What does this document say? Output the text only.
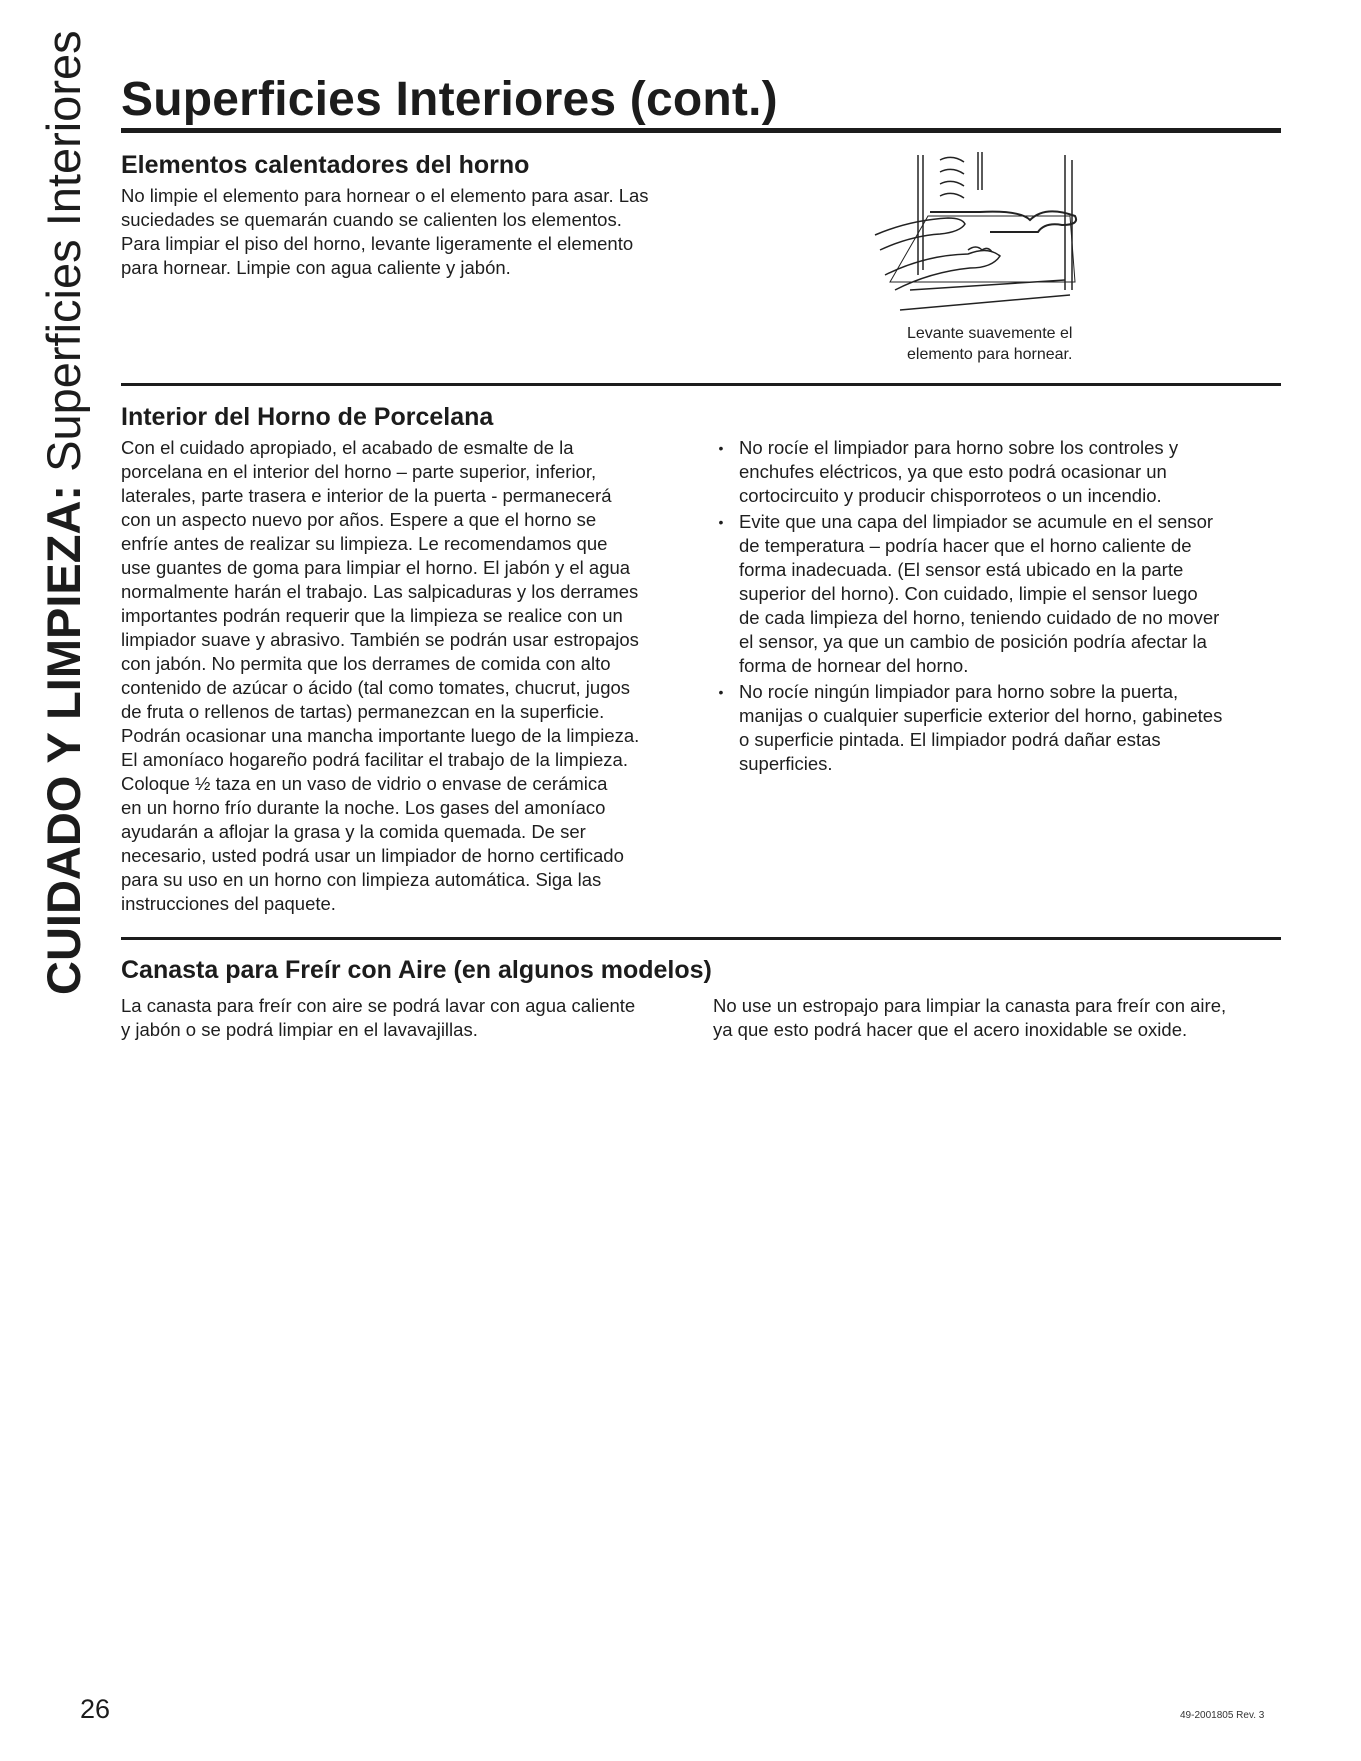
CUIDADO Y LIMPIEZA: Superficies Interiores Superficies Interiores (cont.)
Elementos calentadores del horno
No limpie el elemento para hornear o el elemento para asar. Las
suciedades se quemarán cuando se calienten los elementos.
Para limpiar el piso del horno, levante ligeramente el elemento
para hornear. Limpie con agua caliente y jabón.
Levante suavemente el
elemento para hornear.
Interior del Horno de Porcelana
Con el cuidado apropiado, el acabado de esmalte de la
porcelana en el interior del horno – parte superior, inferior,
laterales, parte trasera e interior de la puerta - permanecerá
con un aspecto nuevo por años. Espere a que el horno se
enfríe antes de realizar su limpieza. Le recomendamos que
use guantes de goma para limpiar el horno. El jabón y el agua
normalmente harán el trabajo. Las salpicaduras y los derrames
importantes podrán requerir que la limpieza se realice con un
limpiador suave y abrasivo. También se podrán usar estropajos
con jabón. No permita que los derrames de comida con alto
contenido de azúcar o ácido (tal como tomates, chucrut, jugos
de fruta o rellenos de tartas) permanezcan en la superficie.
Podrán ocasionar una mancha importante luego de la limpieza.
El amoníaco hogareño podrá facilitar el trabajo de la limpieza.
Coloque ½ taza en un vaso de vidrio o envase de cerámica
en un horno frío durante la noche. Los gases del amoníaco
ayudarán a aflojar la grasa y la comida quemada. De ser
necesario, usted podrá usar un limpiador de horno certificado
para su uso en un horno con limpieza automática. Siga las
instrucciones del paquete.
• No rocíe el limpiador para horno sobre los controles y
enchufes eléctricos, ya que esto podrá ocasionar un
cortocircuito y producir chisporroteos o un incendio.
• Evite que una capa del limpiador se acumule en el sensor
de temperatura – podría hacer que el horno caliente de
forma inadecuada. (El sensor está ubicado en la parte
superior del horno). Con cuidado, limpie el sensor luego
de cada limpieza del horno, teniendo cuidado de no mover
el sensor, ya que un cambio de posición podría afectar la
forma de hornear del horno.
• No rocíe ningún limpiador para horno sobre la puerta,
manijas o cualquier superficie exterior del horno, gabinetes
o superficie pintada. El limpiador podrá dañar estas
superficies.
Canasta para Freír con Aire (en algunos modelos)
La canasta para freír con aire se podrá lavar con agua caliente
y jabón o se podrá limpiar en el lavavajillas.
No use un estropajo para limpiar la canasta para freír con aire,
ya que esto podrá hacer que el acero inoxidable se oxide.
26	49-2001805 Rev. 3
